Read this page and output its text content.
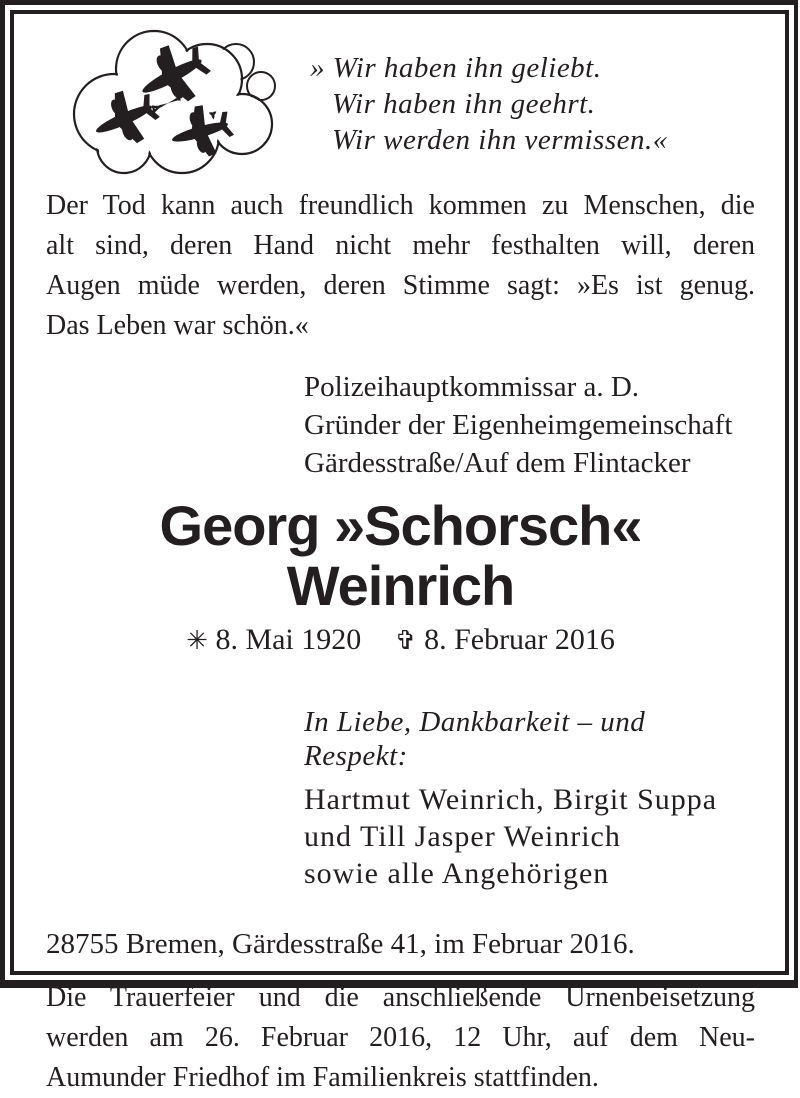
» Wir haben ihn geliebt.
Wir haben ihn geehrt.
Wir werden ihn vermissen.«
Der Tod kann auch freundlich kommen zu Menschen, die
alt sind, deren Hand nicht mehr festhalten will, deren
Augen müde werden, deren Stimme sagt: »Es ist genug.
Das Leben war schön.«
Polizeihauptkommissar a. D.
Gründer der Eigenheimgemeinschaft
Gärdesstraße/Auf dem Flintacker
Georg »Schorsch« Weinrich
✳ 8. Mai 1920 ✞ 8. Februar 2016
In Liebe, Dankbarkeit – und Respekt:
Hartmut Weinrich, Birgit Suppa
und Till Jasper Weinrich
sowie alle Angehörigen
28755 Bremen, Gärdesstraße 41, im Februar 2016.
Die Trauerfeier und die anschließende Urnenbeisetzung
werden am 26. Februar 2016, 12 Uhr, auf dem Neu-
Aumunder Friedhof im Familienkreis stattfinden.
